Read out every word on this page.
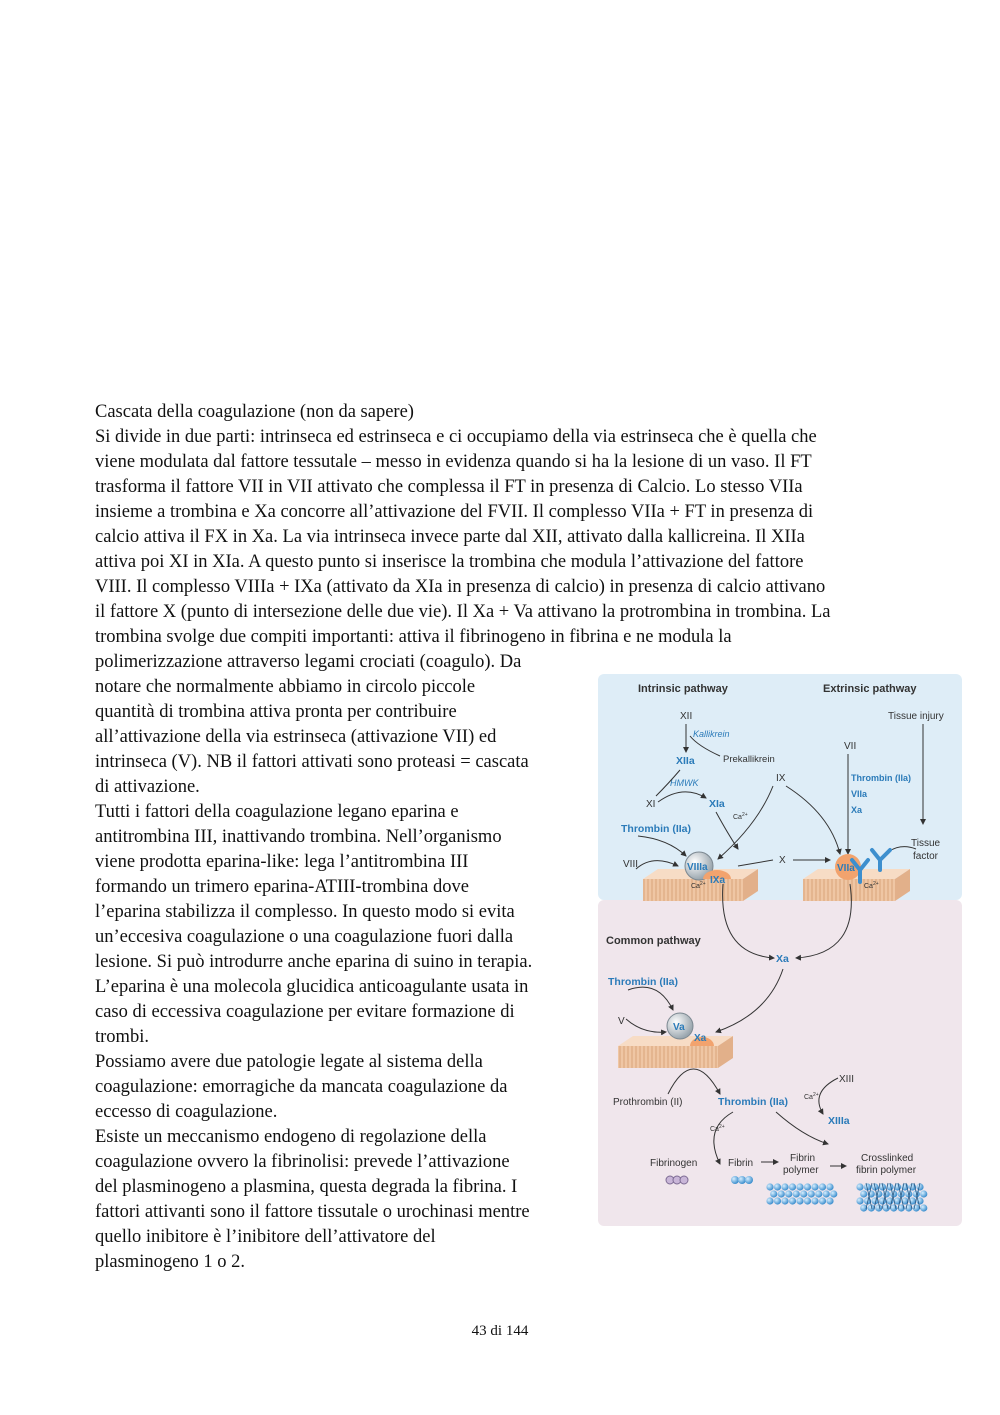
Cascata della coagulazione (non da sapere)
Si divide in due parti: intrinseca ed estrinseca e ci occupiamo della via estrinseca che è quella che
viene modulata dal fattore tessutale – messo in evidenza quando si ha la lesione di un vaso. Il FT
trasforma il fattore VII in VII attivato che complessa il FT in presenza di Calcio. Lo stesso VIIa
insieme a trombina e Xa concorre all’attivazione del FVII. Il complesso VIIa + FT in presenza di
calcio attiva il FX in Xa. La via intrinseca invece parte dal XII, attivato dalla kallicreina. Il XIIa
attiva poi XI in XIa. A questo punto si inserisce la trombina che modula l’attivazione del fattore
VIII. Il complesso VIIIa + IXa (attivato da XIa in presenza di calcio) in presenza di calcio attivano
il fattore X (punto di intersezione delle due vie). Il Xa + Va attivano la protrombina in trombina. La
trombina svolge due compiti importanti: attiva il fibrinogeno in fibrina e ne modula la
polimerizzazione attraverso legami crociati (coagulo). Da
notare che normalmente abbiamo in circolo piccole
quantità di trombina attiva pronta per contribuire
all’attivazione della via estrinseca (attivazione VII) ed
intrinseca (V). NB il fattori attivati sono proteasi = cascata
di attivazione.
Tutti i fattori della coagulazione legano eparina e
antitrombina III, inattivando trombina. Nell’organismo
viene prodotta eparina-like: lega l’antitrombina III
formando un trimero eparina-ATIII-trombina dove
l’eparina stabilizza il complesso. In questo modo si evita
un’eccesiva coagulazione o una coagulazione fuori dalla
lesione. Si può introdurre anche eparina di suino in terapia.
L’eparina è una molecola glucidica anticoagulante usata in
caso di eccessiva coagulazione per evitare formazione di
trombi.
Possiamo avere due patologie legate al sistema della
coagulazione: emorragiche da mancata coagulazione da
eccesso di coagulazione.
Esiste un meccanismo endogeno di regolazione della
coagulazione ovvero la fibrinolisi: prevede l’attivazione
del plasminogeno a plasmina, questa degrada la fibrina. I
fattori attivanti sono il fattore tissutale o urochinasi mentre
quello inibitore è l’inibitore dell’attivatore del
plasminogeno 1 o 2.
Intrinsic pathway	Extrinsic pathway
Common pathway
XII
Kallikrein
Prekallikrein
XIIa
HMWK
XI	XIa
IX
Thrombin (IIa)
VIII
$Ca^{2+}$
VIIIa
IXa
$Ca^{2+}$
VII
Tissue injury
Thrombin (IIa)
VIIa
Xa
Tissue
factor
X
VIIa
$Ca^{2+}$
Xa
Thrombin (IIa)
V
Va
Xa
Prothrombin (II)	Thrombin (IIa)
$Ca^{2+}$
$Ca^{2+}$
XIII
XIIIa
Fibrinogen	Fibrin	Fibrin
polymer
Crosslinked
fibrin polymer
43 di 144
